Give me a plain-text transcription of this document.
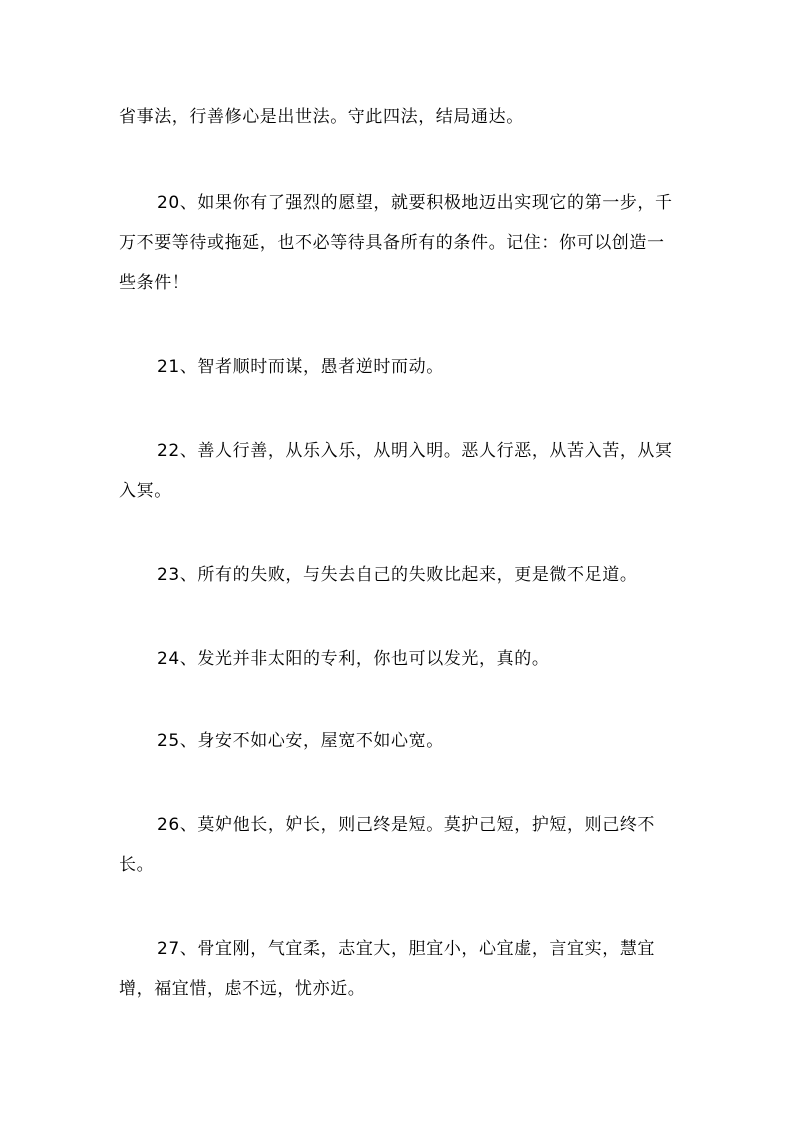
省事法，行善修心是出世法。守此四法，结局通达。

20、如果你有了强烈的愿望，就要积极地迈出实现它的第一步，千万不要等待或拖延，也不必等待具备所有的条件。记住：你可以创造一些条件！

21、智者顺时而谋，愚者逆时而动。

22、善人行善，从乐入乐，从明入明。恶人行恶，从苦入苦，从冥入冥。

23、所有的失败，与失去自己的失败比起来，更是微不足道。

24、发光并非太阳的专利，你也可以发光，真的。

25、身安不如心安，屋宽不如心宽。

26、莫妒他长，妒长，则己终是短。莫护己短，护短，则己终不长。

27、骨宜刚，气宜柔，志宜大，胆宜小，心宜虚，言宜实，慧宜增，福宜惜，虑不远，忧亦近。
